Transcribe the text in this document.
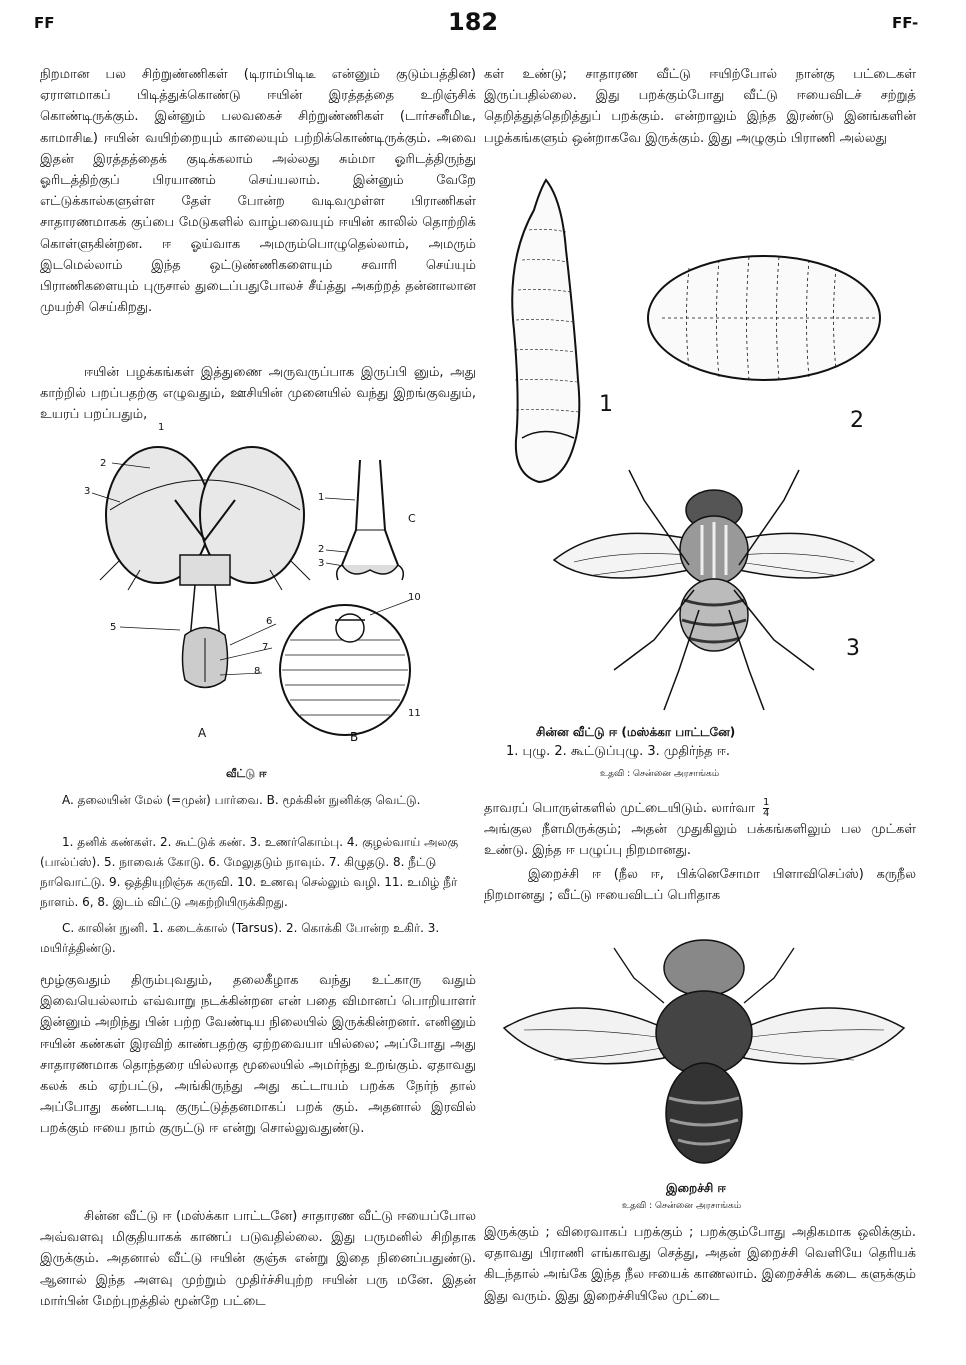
FF	182	FF-

நிறமான பல சிற்றுண்ணிகள் (டிராம்பிடிடீ என்னும் குடும்பத்தின) ஏராளமாகப் பிடித்துக்கொண்டு ஈயின் இரத்தத்தை உறிஞ்சிக் கொண்டிருக்கும். இன்னும் பலவகைச் சிற்றுண்ணிகள் (டார்சனீமிடீ, காமாசிடீ) ஈயின் வயிற்றையும் காலையும் பற்றிக்கொண்டிருக்கும். அவை இதன் இரத்தத்தைக் குடிக்கலாம் அல்லது சும்மா ஓரிடத்திருந்து ஓரிடத்திற்குப் பிரயாணம் செய்யலாம். இன்னும் வேறே எட்டுக்கால்களுள்ள தேள் போன்ற வடிவமுள்ள பிராணிகள் சாதாரணமாகக் குப்பை மேடுகளில் வாழ்பவையும் ஈயின் காலில் தொற்றிக் கொள்ளுகின்றன. ஈ ஓய்வாக அமரும்பொழுதெல்லாம், அமரும் இடமெல்லாம் இந்த ஒட்டுண்ணிகளையும் சவாரி செய்யும் பிராணிகளையும் புருசால் துடைப்பதுபோலச் சீய்த்து அகற்றத் தன்னாலான முயற்சி செய்கிறது.

ஈயின் பழக்கங்கள் இத்துணை அருவருப்பாக இருப்பி னும், அது காற்றில் பறப்பதற்கு எழுவதும், ஊசியின் முனையில் வந்து இறங்குவதும், உயரப் பறப்பதும்,

1
2
3
5
6
7
8
10
11
1
2
3
C
A	B
வீட்டு ஈ

A. தலையின் மேல் (=முன்) பார்வை. B. மூக்கின் நுனிக்கு வெட்டு.

1. தனிக் கண்கள். 2. கூட்டுக் கண். 3. உணர்கொம்பு. 4. குழல்வாய் அலகு (பால்ப்ஸ்). 5. நாவைக் கோடு. 6. மேலுதடும் நாவும். 7. கிழுதடு. 8. நீட்டு நாவொட்டு. 9. ஒத்தியுறிஞ்சு கருவி. 10. உணவு செல்லும் வழி. 11. உமிழ் நீர் நாளம். 6, 8. இடம் விட்டு அகற்றியிருக்கிறது.

C. காலின் நுனி. 1. கடைக்கால் (Tarsus). 2. கொக்கி போன்ற உகிர். 3. மயிர்த்திண்டு.

மூழ்குவதும் திரும்புவதும், தலைகீழாக வந்து உட்காரு வதும் இவையெல்லாம் எவ்வாறு நடக்கின்றன என் பதை விமானப் பொறியாளர் இன்னும் அறிந்து பின் பற்ற வேண்டிய நிலையில் இருக்கின்றனர். எனினும் ஈயின் கண்கள் இரவிற் காண்பதற்கு ஏற்றவையா யில்லை; அப்போது அது சாதாரணமாக தொந்தரை யில்லாத மூலையில் அமர்ந்து உறங்கும். ஏதாவது கலக் கம் ஏற்பட்டு, அங்கிருந்து அது கட்டாயம் பறக்க நேர்ந் தால் அப்போது கண்டபடி குருட்டுத்தனமாகப் பறக் கும். அதனால் இரவில் பறக்கும் ஈயை நாம் குருட்டு ஈ என்று சொல்லுவதுண்டு.

சின்ன வீட்டு ஈ (மஸ்க்கா பாட்டனே) சாதாரண வீட்டு ஈயைப்போல அவ்வளவு மிகுதியாகக் காணப் படுவதில்லை. இது பருமனில் சிறிதாக இருக்கும். அதனால் வீட்டு ஈயின் குஞ்சு என்று இதை நினைப்பதுண்டு. ஆனால் இந்த அளவு முற்றும் முதிர்ச்சியுற்ற ஈயின் பரு மனே. இதன் மார்பின் மேற்புறத்தில் மூன்றே பட்டை

கள் உண்டு; சாதாரண வீட்டு ஈயிற்போல் நான்கு பட்டைகள் இருப்பதில்லை. இது பறக்கும்போது வீட்டு ஈயைவிடச் சற்றுத் தெறித்துத்தெறித்துப் பறக்கும். என்றாலும் இந்த இரண்டு இனங்களின் பழக்கங்களும் ஒன்றாகவே இருக்கும். இது அழுகும் பிராணி அல்லது

1
2
3
சின்ன வீட்டு ஈ (மஸ்க்கா பாட்டனே)
1. புழு. 2. கூட்டுப்புழு. 3. முதிர்ந்த ஈ.
உதவி : சென்னை அரசாங்கம்

தாவரப் பொருள்களில் முட்டையிடும். லார்வா $\frac{1}{4}$

அங்குல நீளமிருக்கும்; அதன் முதுகிலும் பக்கங்களிலும் பல முட்கள் உண்டு. இந்த ஈ பழுப்பு நிறமானது.

இறைச்சி ஈ (நீல ஈ, பிக்னெசோமா பிளாவிசெப்ஸ்) கருநீல நிறமானது ; வீட்டு ஈயைவிடப் பெரிதாக

இறைச்சி ஈ
உதவி : சென்னை அரசாங்கம்

இருக்கும் ; விரைவாகப் பறக்கும் ; பறக்கும்போது அதிகமாக ஒலிக்கும். ஏதாவது பிராணி எங்காவது செத்து, அதன் இறைச்சி வெளியே தெரியக் கிடந்தால் அங்கே இந்த நீல ஈயைக் காணலாம். இறைச்சிக் கடை களுக்கும் இது வரும். இது இறைச்சியிலே முட்டை
